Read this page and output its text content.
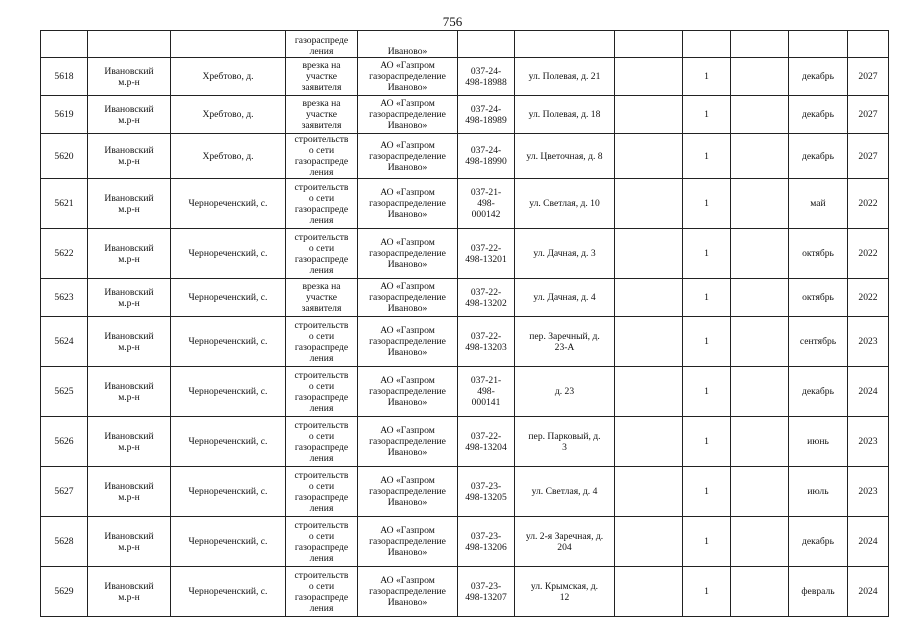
756
			газораспреде
ления	Иваново»							
5618	Ивановский
м.р-н	Хребтово, д.	врезка на
участке
заявителя	АО «Газпром
газораспределение
Иваново»	037-24-
498-18988	ул. Полевая, д. 21		1		декабрь	2027
5619	Ивановский
м.р-н	Хребтово, д.	врезка на
участке
заявителя	АО «Газпром
газораспределение
Иваново»	037-24-
498-18989	ул. Полевая, д. 18		1		декабрь	2027
5620	Ивановский
м.р-н	Хребтово, д.	строительств
о сети
газораспреде
ления	АО «Газпром
газораспределение
Иваново»	037-24-
498-18990	ул. Цветочная, д. 8		1		декабрь	2027
5621	Ивановский
м.р-н	Чернореченский, с.	строительств
о сети
газораспреде
ления	АО «Газпром
газораспределение
Иваново»	037-21-
498-
000142	ул. Светлая, д. 10		1		май	2022
5622	Ивановский
м.р-н	Чернореченский, с.	строительств
о сети
газораспреде
ления	АО «Газпром
газораспределение
Иваново»	037-22-
498-13201	ул. Дачная, д. 3		1		октябрь	2022
5623	Ивановский
м.р-н	Чернореченский, с.	врезка на
участке
заявителя	АО «Газпром
газораспределение
Иваново»	037-22-
498-13202	ул. Дачная, д. 4		1		октябрь	2022
5624	Ивановский
м.р-н	Чернореченский, с.	строительств
о сети
газораспреде
ления	АО «Газпром
газораспределение
Иваново»	037-22-
498-13203	пер. Заречный, д.
23-А		1		сентябрь	2023
5625	Ивановский
м.р-н	Чернореченский, с.	строительств
о сети
газораспреде
ления	АО «Газпром
газораспределение
Иваново»	037-21-
498-
000141	д. 23		1		декабрь	2024
5626	Ивановский
м.р-н	Чернореченский, с.	строительств
о сети
газораспреде
ления	АО «Газпром
газораспределение
Иваново»	037-22-
498-13204	пер. Парковый, д.
3		1		июнь	2023
5627	Ивановский
м.р-н	Чернореченский, с.	строительств
о сети
газораспреде
ления	АО «Газпром
газораспределение
Иваново»	037-23-
498-13205	ул. Светлая, д. 4		1		июль	2023
5628	Ивановский
м.р-н	Чернореченский, с.	строительств
о сети
газораспреде
ления	АО «Газпром
газораспределение
Иваново»	037-23-
498-13206	ул. 2-я Заречная, д.
204		1		декабрь	2024
5629	Ивановский
м.р-н	Чернореченский, с.	строительств
о сети
газораспреде
ления	АО «Газпром
газораспределение
Иваново»	037-23-
498-13207	ул. Крымская, д.
12		1		февраль	2024
